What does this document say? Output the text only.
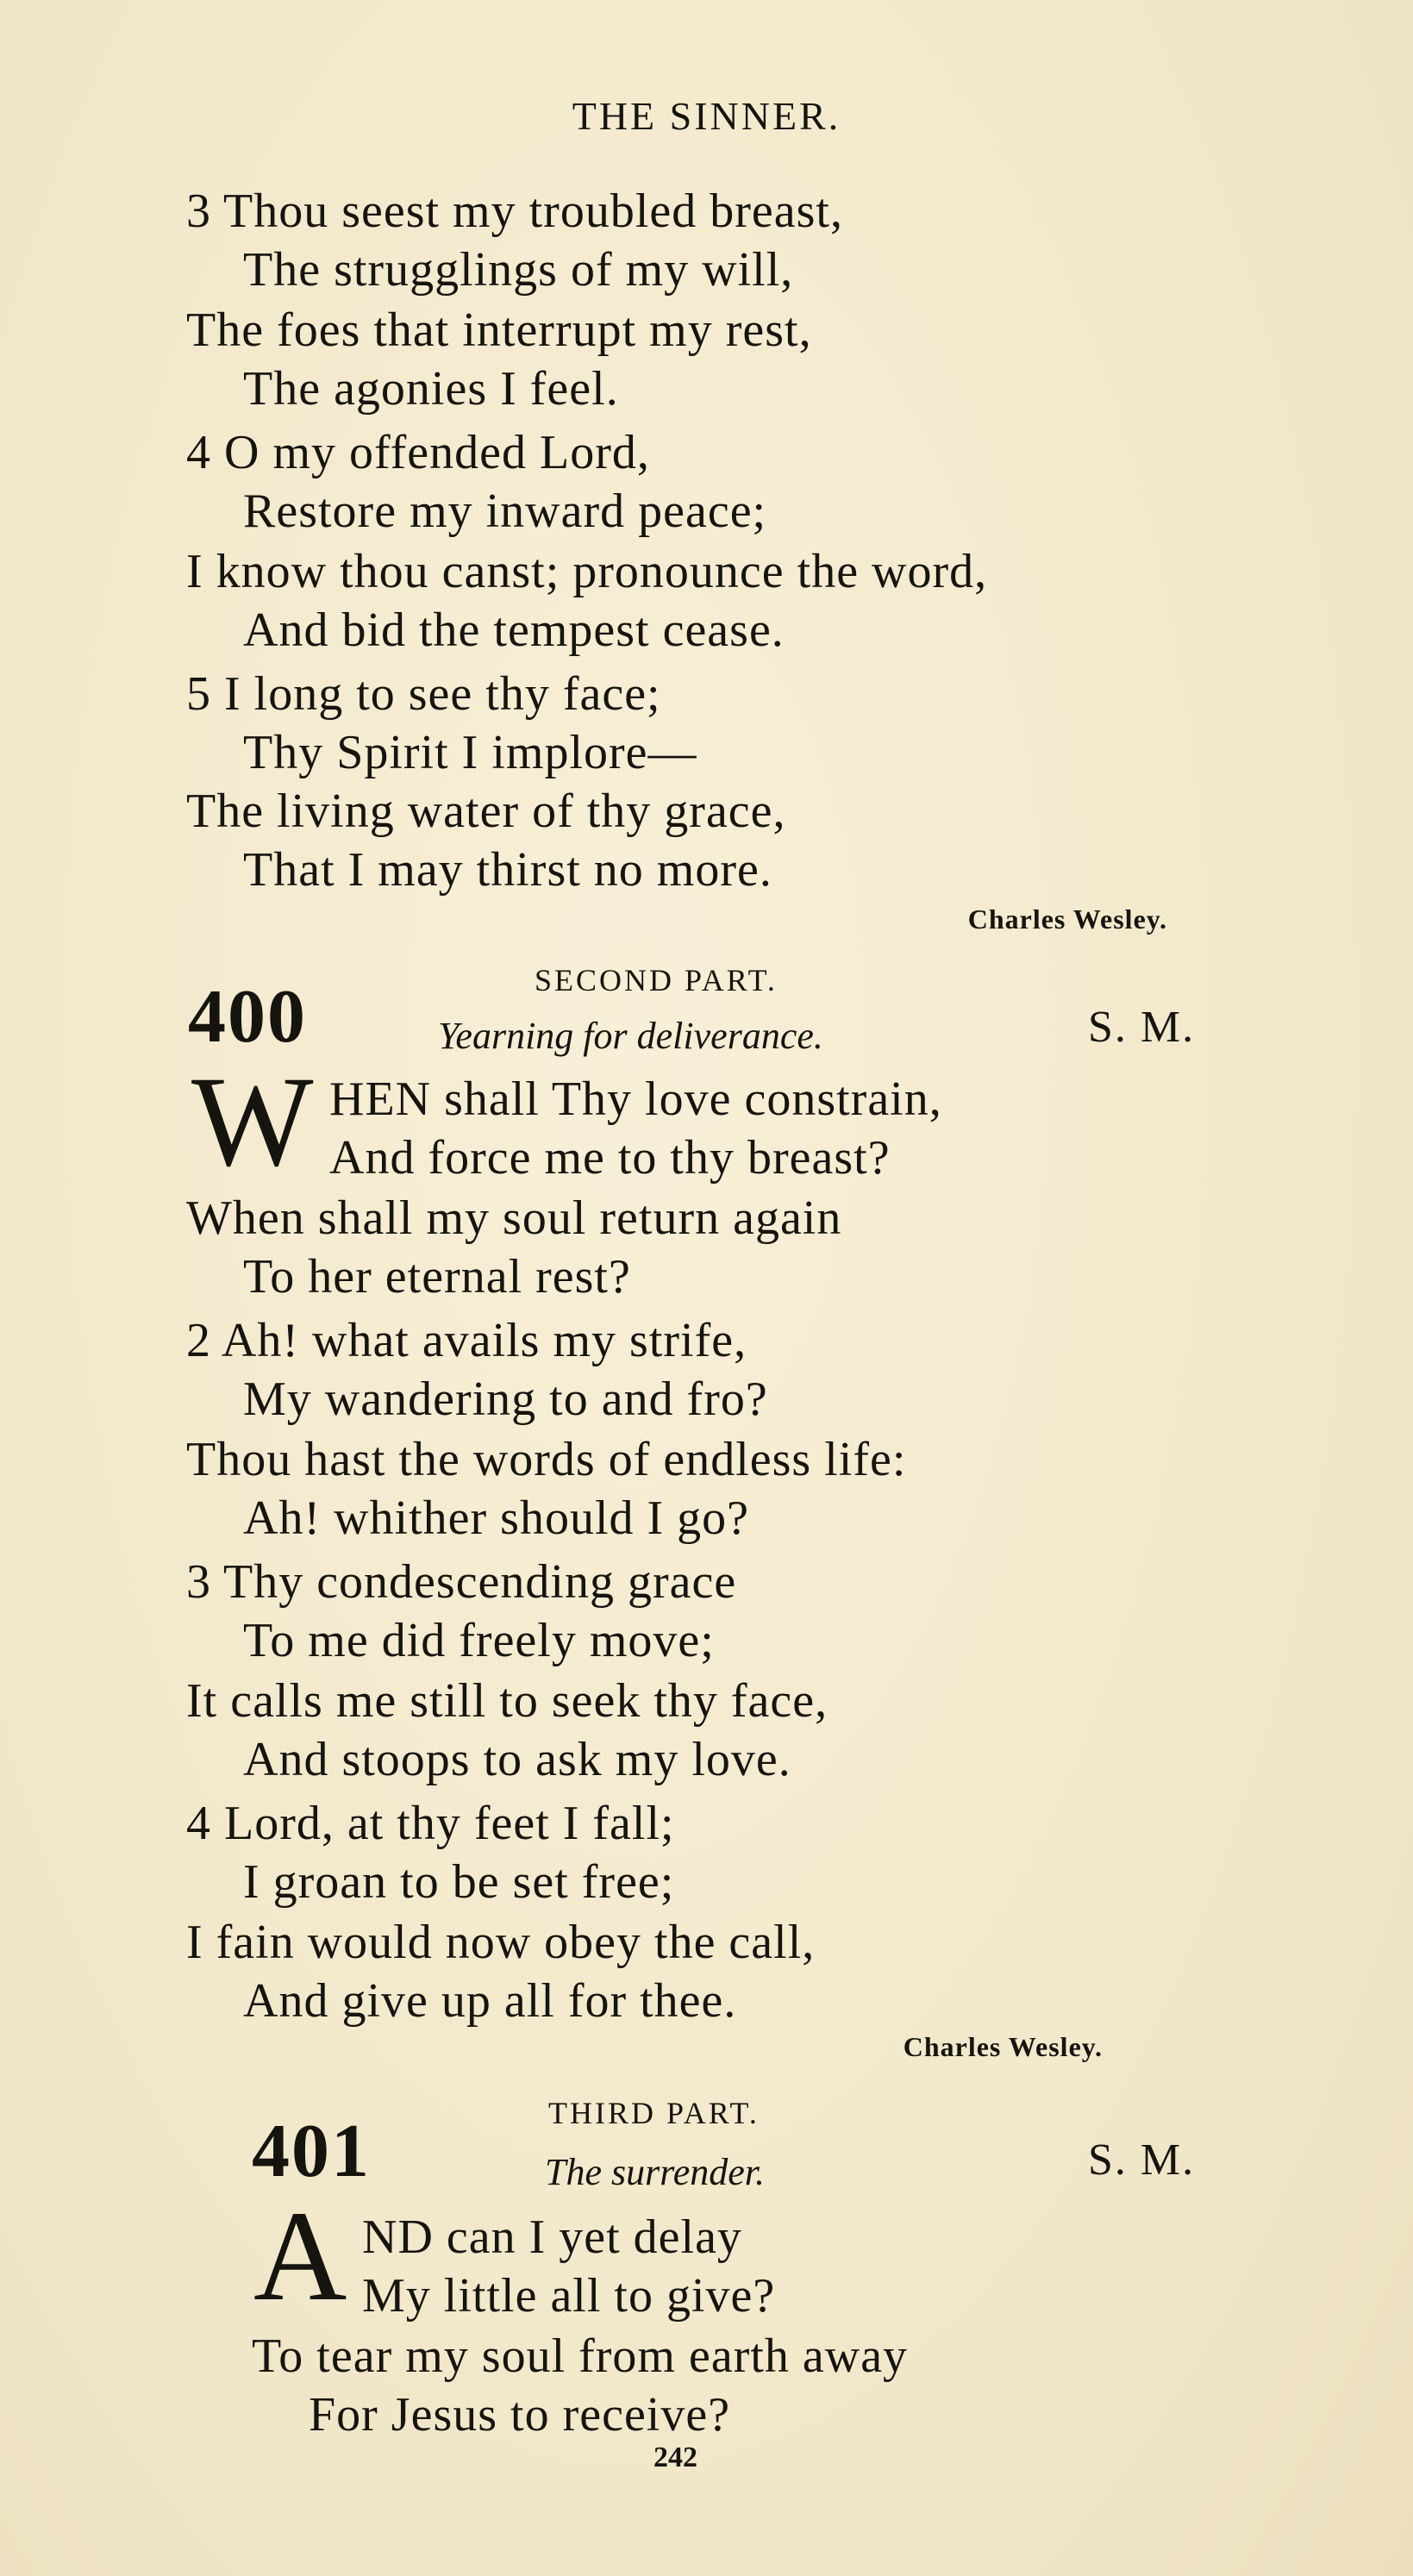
THE SINNER.
3 Thou seest my troubled breast,
The strugglings of my will,
The foes that interrupt my rest,
The agonies I feel.
4 O my offended Lord,
Restore my inward peace;
I know thou canst; pronounce the word,
And bid the tempest cease.
5 I long to see thy face;
Thy Spirit I implore—
The living water of thy grace,
That I may thirst no more.
Charles Wesley.
SECOND PART.
400	Yearning for deliverance.	S. M.
W HEN shall Thy love constrain,
And force me to thy breast?
When shall my soul return again
To her eternal rest?
2 Ah! what avails my strife,
My wandering to and fro?
Thou hast the words of endless life:
Ah! whither should I go?
3 Thy condescending grace
To me did freely move;
It calls me still to seek thy face,
And stoops to ask my love.
4 Lord, at thy feet I fall;
I groan to be set free;
I fain would now obey the call,
And give up all for thee.
Charles Wesley.
THIRD PART.
401	The surrender.	S. M.
A ND can I yet delay
My little all to give?
To tear my soul from earth away
For Jesus to receive?
242
